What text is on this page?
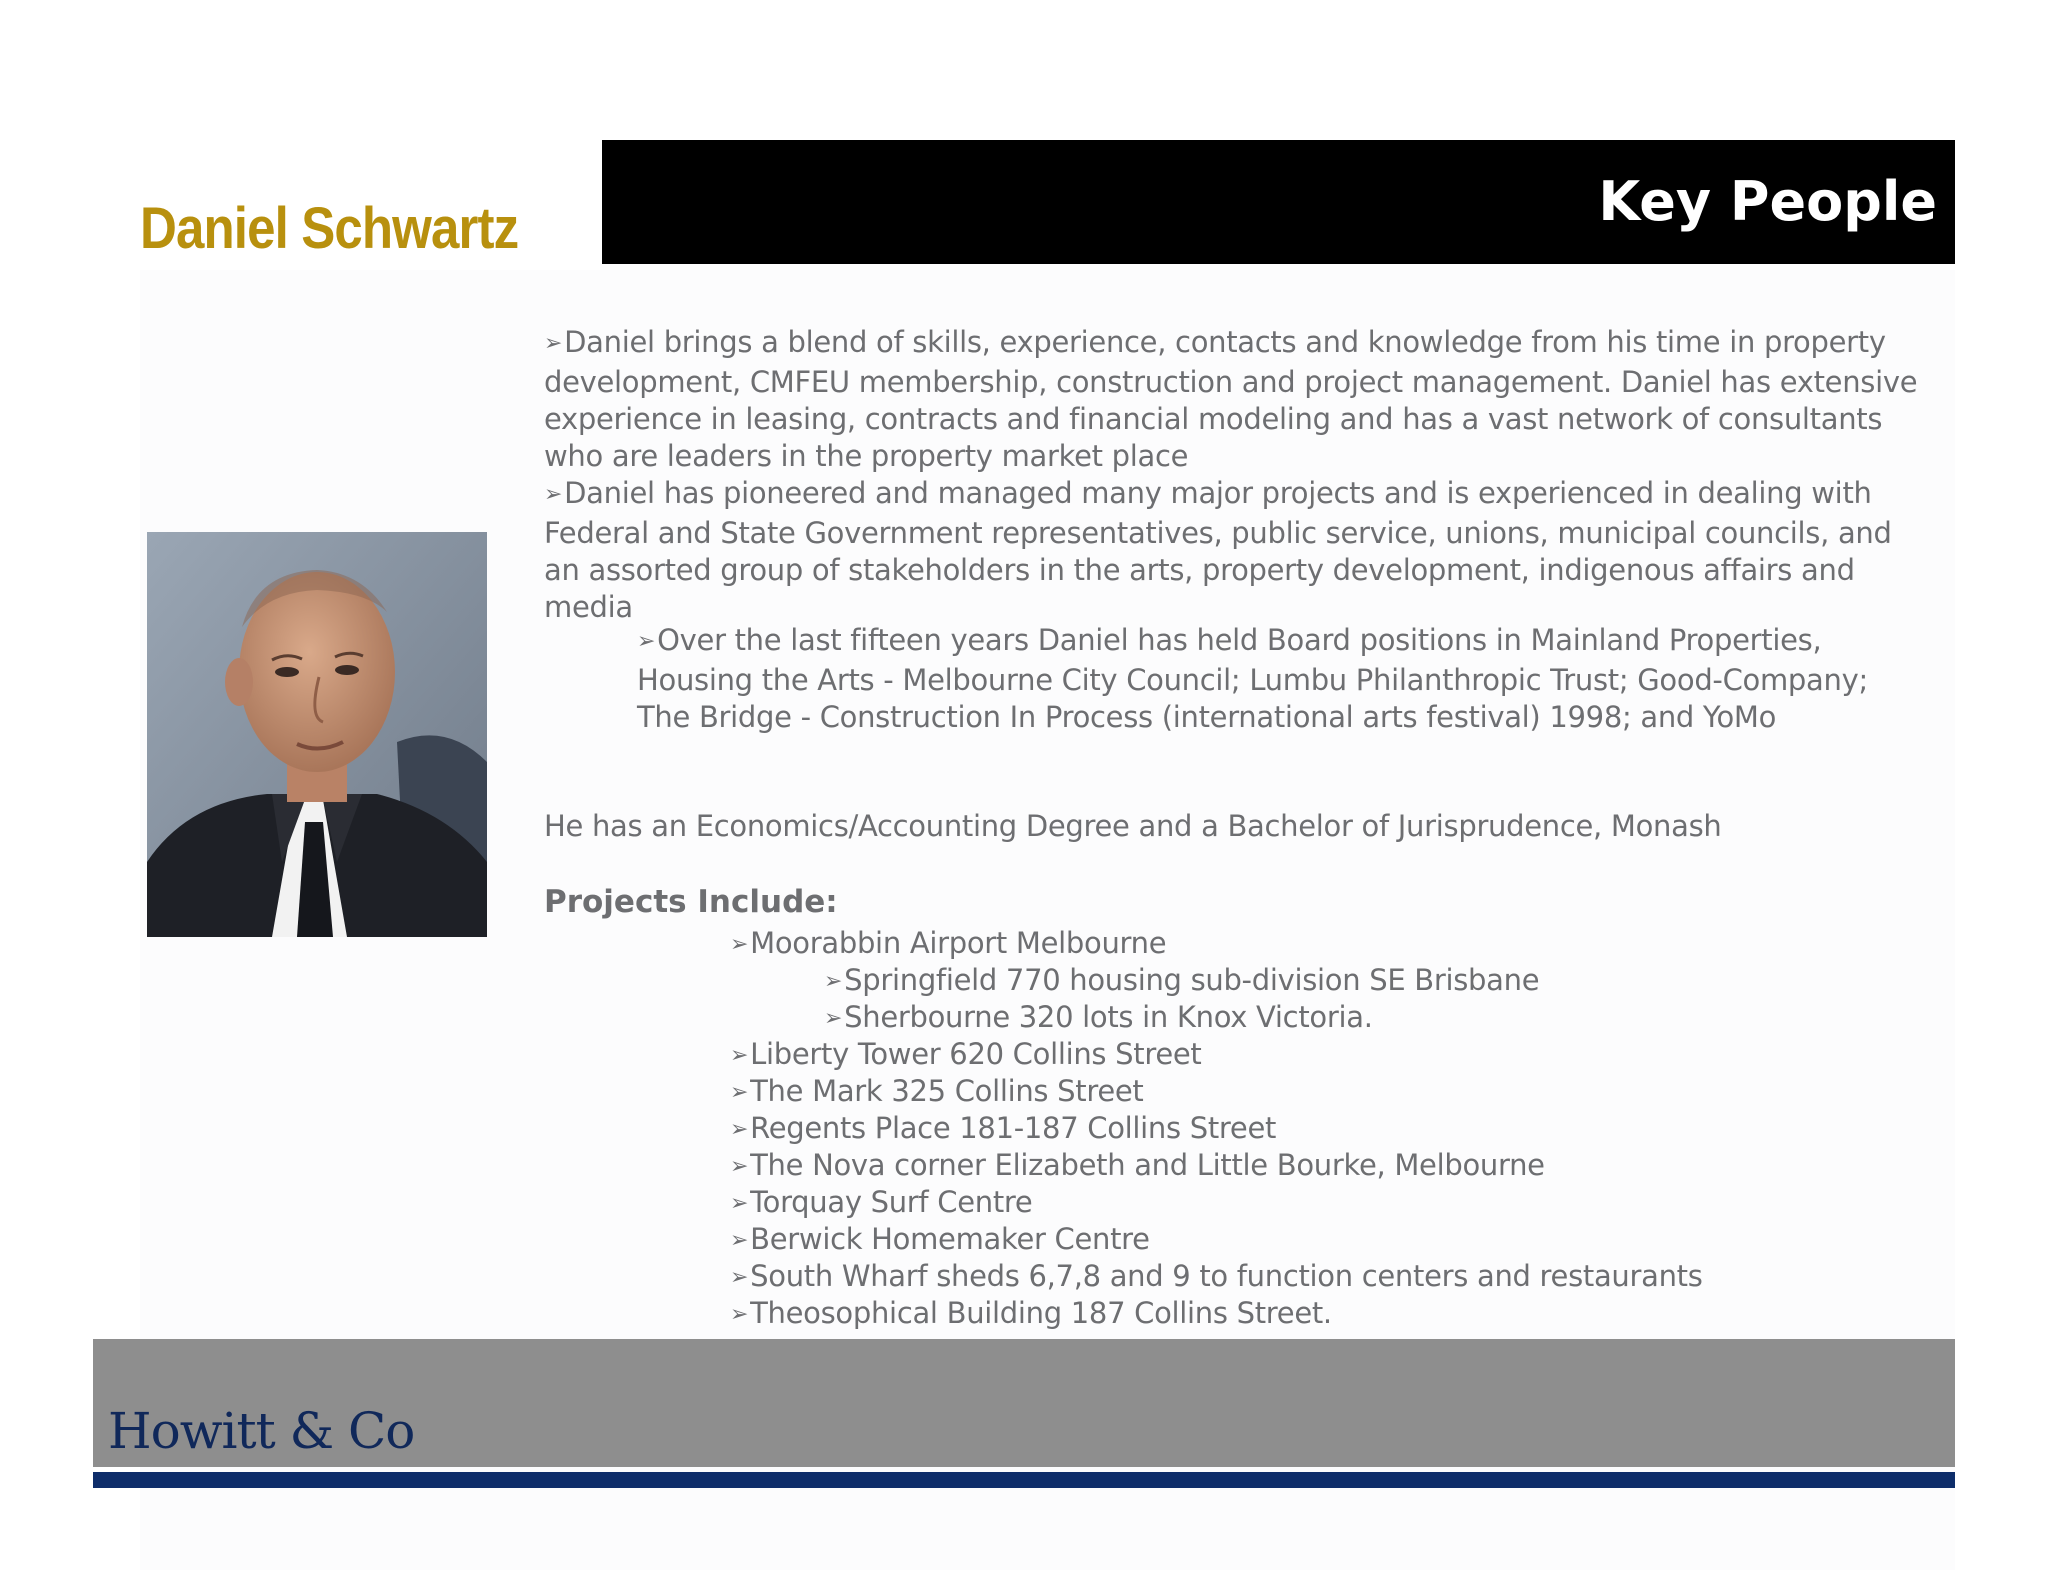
Daniel Schwartz	Key People

➢Daniel brings a blend of skills, experience, contacts and knowledge from his time in property development, CMFEU membership, construction and project management. Daniel has extensive experience in leasing, contracts and financial modeling and has a vast network of consultants who are leaders in the property market place

➢Daniel has pioneered and managed many major projects and is experienced in dealing with Federal and State Government representatives, public service, unions, municipal councils, and an assorted group of stakeholders in the arts, property development, indigenous affairs and media

➢Over the last fifteen years Daniel has held Board positions in Mainland Properties, Housing the Arts - Melbourne City Council; Lumbu Philanthropic Trust; Good-Company; The Bridge - Construction In Process (international arts festival) 1998; and YoMo
He has an Economics/Accounting Degree and a Bachelor of Jurisprudence, Monash
Projects Include:
➢Moorabbin Airport Melbourne
➢Springfield 770 housing sub-division SE Brisbane
➢Sherbourne 320 lots in Knox Victoria.
➢Liberty Tower 620 Collins Street
➢The Mark 325 Collins Street
➢Regents Place 181-187 Collins Street
➢The Nova corner Elizabeth and Little Bourke, Melbourne
➢Torquay Surf Centre
➢Berwick Homemaker Centre
➢South Wharf sheds 6,7,8 and 9 to function centers and restaurants
➢Theosophical Building 187 Collins Street.
Howitt & Co
